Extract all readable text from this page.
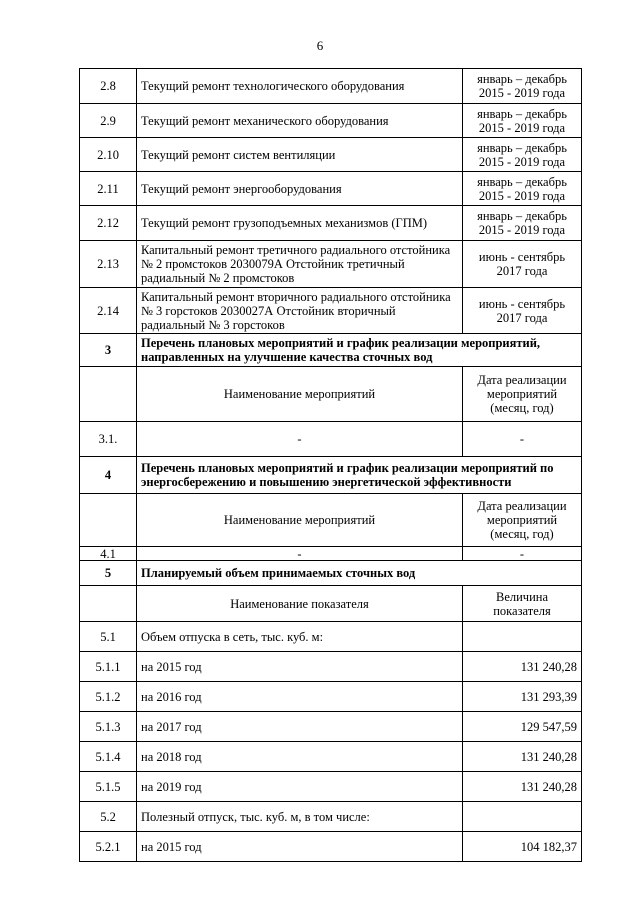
6
2.8	Текущий ремонт технологического оборудования	январь – декабрь 2015 - 2019 года
2.9	Текущий ремонт механического оборудования	январь – декабрь 2015 - 2019 года
2.10	Текущий ремонт систем вентиляции	январь – декабрь 2015 - 2019 года
2.11	Текущий ремонт энергооборудования	январь – декабрь 2015 - 2019 года
2.12	Текущий ремонт грузоподъемных механизмов (ГПМ)	январь – декабрь 2015 - 2019 года
2.13	Капитальный ремонт третичного радиального отстойника № 2 промстоков 2030079А Отстойник третичный радиальный № 2 промстоков	июнь - сентябрь 2017 года
2.14	Капитальный ремонт вторичного радиального отстойника № 3 горстоков 2030027А Отстойник вторичный радиальный № 3 горстоков	июнь - сентябрь 2017 года
3	Перечень плановых мероприятий и график реализации мероприятий, направленных на улучшение качества сточных вод	
	Наименование мероприятий	Дата реализации мероприятий (месяц, год)
3.1.	-	-
4	Перечень плановых мероприятий и график реализации мероприятий по энергосбережению и повышению энергетической эффективности	
	Наименование мероприятий	Дата реализации мероприятий (месяц, год)
4.1	-	-
5	Планируемый объем принимаемых сточных вод	
	Наименование показателя	Величина показателя
5.1	Объем отпуска в сеть, тыс. куб. м:	
5.1.1	на 2015 год	131 240,28
5.1.2	на 2016 год	131 293,39
5.1.3	на 2017 год	129 547,59
5.1.4	на 2018 год	131 240,28
5.1.5	на 2019 год	131 240,28
5.2	Полезный отпуск, тыс. куб. м, в том числе:	
5.2.1	на 2015 год	104 182,37
